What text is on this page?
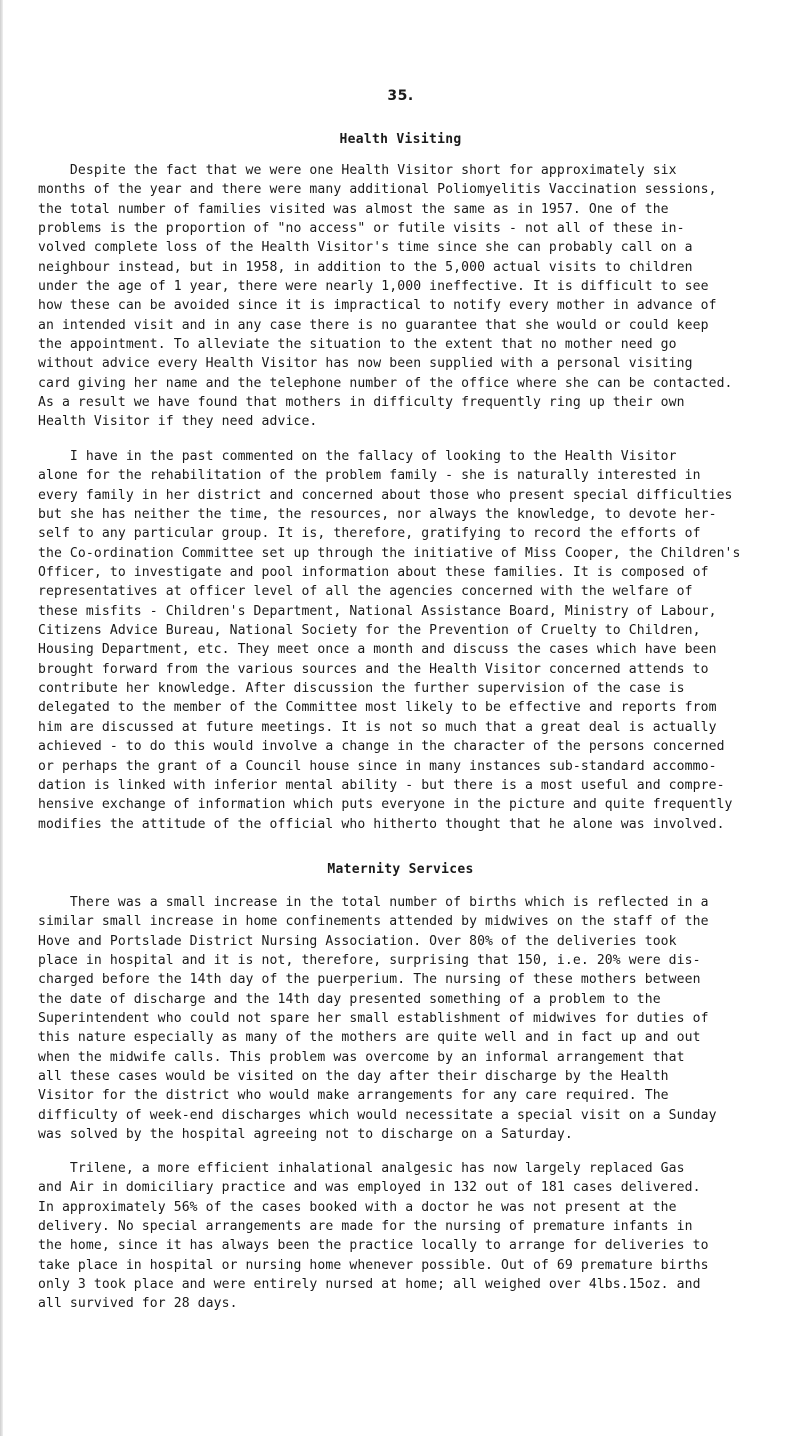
35.
Health Visiting
Despite the fact that we were one Health Visitor short for approximately six
months of the year and there were many additional Poliomyelitis Vaccination sessions,
the total number of families visited was almost the same as in 1957. One of the
problems is the proportion of "no access" or futile visits - not all of these in-
volved complete loss of the Health Visitor's time since she can probably call on a
neighbour instead, but in 1958, in addition to the 5,000 actual visits to children
under the age of 1 year, there were nearly 1,000 ineffective. It is difficult to see
how these can be avoided since it is impractical to notify every mother in advance of
an intended visit and in any case there is no guarantee that she would or could keep
the appointment. To alleviate the situation to the extent that no mother need go
without advice every Health Visitor has now been supplied with a personal visiting
card giving her name and the telephone number of the office where she can be contacted.
As a result we have found that mothers in difficulty frequently ring up their own
Health Visitor if they need advice.
I have in the past commented on the fallacy of looking to the Health Visitor
alone for the rehabilitation of the problem family - she is naturally interested in
every family in her district and concerned about those who present special difficulties
but she has neither the time, the resources, nor always the knowledge, to devote her-
self to any particular group. It is, therefore, gratifying to record the efforts of
the Co-ordination Committee set up through the initiative of Miss Cooper, the Children's
Officer, to investigate and pool information about these families. It is composed of
representatives at officer level of all the agencies concerned with the welfare of
these misfits - Children's Department, National Assistance Board, Ministry of Labour,
Citizens Advice Bureau, National Society for the Prevention of Cruelty to Children,
Housing Department, etc. They meet once a month and discuss the cases which have been
brought forward from the various sources and the Health Visitor concerned attends to
contribute her knowledge. After discussion the further supervision of the case is
delegated to the member of the Committee most likely to be effective and reports from
him are discussed at future meetings. It is not so much that a great deal is actually
achieved - to do this would involve a change in the character of the persons concerned
or perhaps the grant of a Council house since in many instances sub-standard accommo-
dation is linked with inferior mental ability - but there is a most useful and compre-
hensive exchange of information which puts everyone in the picture and quite frequently
modifies the attitude of the official who hitherto thought that he alone was involved.
Maternity Services
There was a small increase in the total number of births which is reflected in a
similar small increase in home confinements attended by midwives on the staff of the
Hove and Portslade District Nursing Association. Over 80% of the deliveries took
place in hospital and it is not, therefore, surprising that 150, i.e. 20% were dis-
charged before the 14th day of the puerperium. The nursing of these mothers between
the date of discharge and the 14th day presented something of a problem to the
Superintendent who could not spare her small establishment of midwives for duties of
this nature especially as many of the mothers are quite well and in fact up and out
when the midwife calls. This problem was overcome by an informal arrangement that
all these cases would be visited on the day after their discharge by the Health
Visitor for the district who would make arrangements for any care required. The
difficulty of week-end discharges which would necessitate a special visit on a Sunday
was solved by the hospital agreeing not to discharge on a Saturday.
Trilene, a more efficient inhalational analgesic has now largely replaced Gas
and Air in domiciliary practice and was employed in 132 out of 181 cases delivered.
In approximately 56% of the cases booked with a doctor he was not present at the
delivery. No special arrangements are made for the nursing of premature infants in
the home, since it has always been the practice locally to arrange for deliveries to
take place in hospital or nursing home whenever possible. Out of 69 premature births
only 3 took place and were entirely nursed at home; all weighed over 4lbs.15oz. and
all survived for 28 days.
